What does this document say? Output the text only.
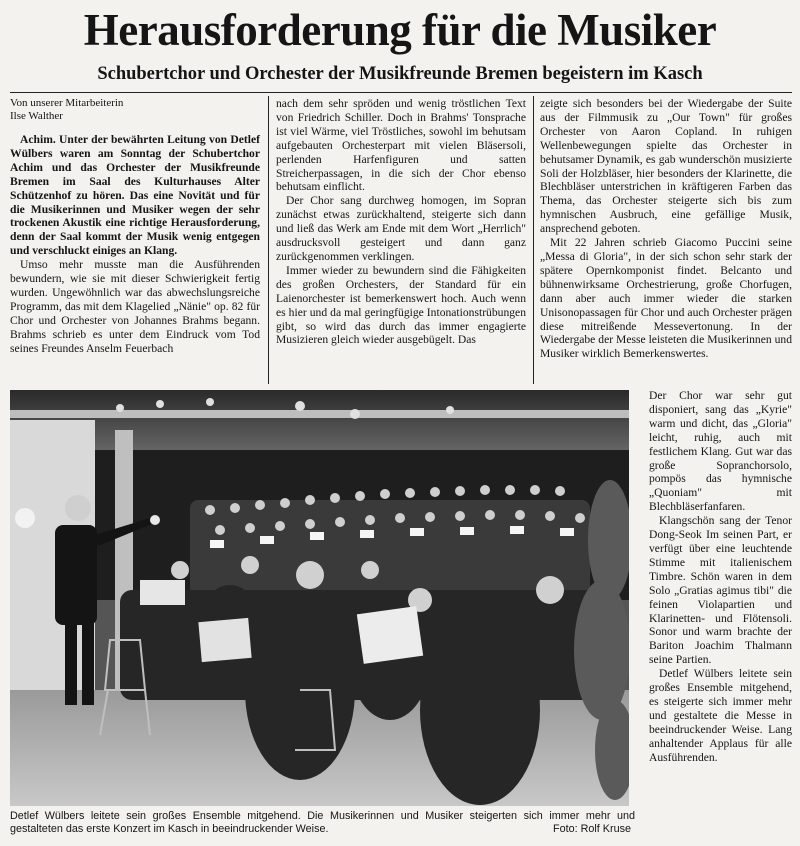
Herausforderung für die Musiker
Schubertchor und Orchester der Musikfreunde Bremen begeistern im Kasch
Von unserer Mitarbeiterin
Ilse Walther

Achim. Unter der bewährten Leitung von Detlef Wülbers waren am Sonntag der Schubertchor Achim und das Orchester der Musikfreunde Bremen im Saal des Kulturhauses Alter Schützenhof zu hören. Das eine Novität und für die Musikerinnen und Musiker wegen der sehr trockenen Akustik eine richtige Herausforderung, denn der Saal kommt der Musik wenig entgegen und verschluckt einiges an Klang.

Umso mehr musste man die Ausführenden bewundern, wie sie mit dieser Schwierigkeit fertig wurden. Ungewöhnlich war das abwechslungsreiche Programm, das mit dem Klagelied „Nänie" op. 82 für Chor und Orchester von Johannes Brahms begann. Brahms schrieb es unter dem Eindruck vom Tod seines Freundes Anselm Feuerbach

nach dem sehr spröden und wenig tröstlichen Text von Friedrich Schiller. Doch in Brahms' Tonsprache ist viel Wärme, viel Tröstliches, sowohl im behutsam aufgebauten Orchesterpart mit vielen Bläsersoli, perlenden Harfenfiguren und satten Streicherpassagen, in die sich der Chor ebenso behutsam einflicht.

Der Chor sang durchweg homogen, im Sopran zunächst etwas zurückhaltend, steigerte sich dann und ließ das Werk am Ende mit dem Wort „Herrlich" ausdrucksvoll gesteigert und dann ganz zurückgenommen verklingen.

Immer wieder zu bewundern sind die Fähigkeiten des großen Orchesters, der Standard für ein Laienorchester ist bemerkenswert hoch. Auch wenn es hier und da mal geringfügige Intonationstrübungen gibt, so wird das durch das immer engagierte Musizieren gleich wieder ausgebügelt. Das

zeigte sich besonders bei der Wiedergabe der Suite aus der Filmmusik zu „Our Town" für großes Orchester von Aaron Copland. In ruhigen Wellenbewegungen spielte das Orchester in behutsamer Dynamik, es gab wunderschön musizierte Soli der Holzbläser, hier besonders der Klarinette, die Blechbläser unterstrichen in kräftigeren Farben das Thema, das Orchester steigerte sich bis zum hymnischen Ausbruch, eine gefällige Musik, ansprechend geboten.

Mit 22 Jahren schrieb Giacomo Puccini seine „Messa di Gloria", in der sich schon sehr stark der spätere Opernkomponist findet. Belcanto und bühnenwirksame Orchestrierung, große Chorfugen, dann aber auch immer wieder die starken Unisonopassagen für Chor und auch Orchester prägen diese mitreißende Messevertonung. In der Wiedergabe der Messe leisteten die Musikerinnen und Musiker wirklich Bemerkenswertes.

Der Chor war sehr gut disponiert, sang das „Kyrie" warm und dicht, das „Gloria" leicht, ruhig, auch mit festlichem Klang. Gut war das große Sopranchorsolo, pompös das hymnische „Quoniam" mit Blechbläserfanfaren.

Klangschön sang der Tenor Dong-Seok Im seinen Part, er verfügt über eine leuchtende Stimme mit italienischem Timbre. Schön waren in dem Solo „Gratias agimus tibi" die feinen Violapartien und Klarinetten- und Flötensoli. Sonor und warm brachte der Bariton Joachim Thalmann seine Partien.

Detlef Wülbers leitete sein großes Ensemble mitgehend, es steigerte sich immer mehr und gestaltete die Messe in beeindruckender Weise. Lang anhaltender Applaus für alle Ausführenden.

Detlef Wülbers leitete sein großes Ensemble mitgehend. Die Musikerinnen und Musiker steigerten sich immer mehr und gestalteten das erste Konzert im Kasch in beeindruckender Weise.	Foto: Rolf Kruse
